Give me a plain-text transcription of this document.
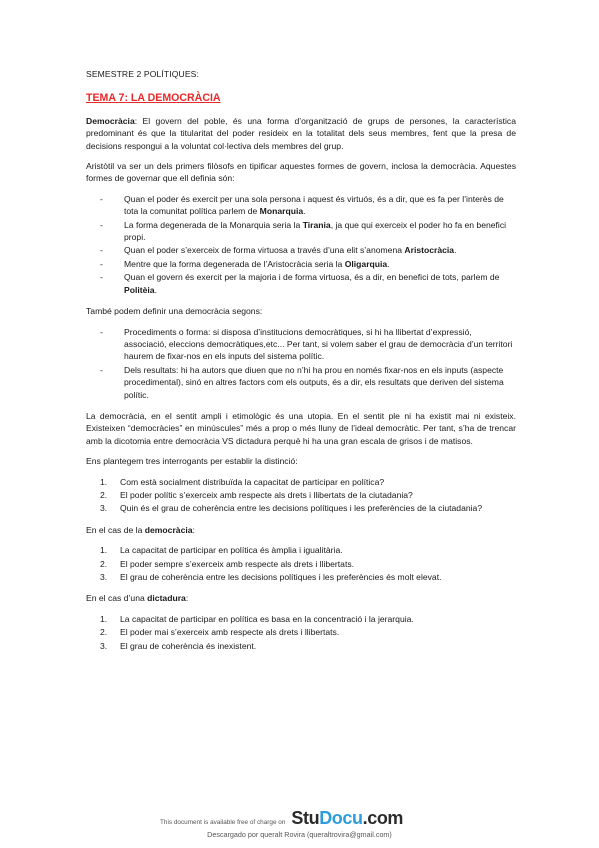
SEMESTRE 2 POLÍTIQUES:
TEMA 7: LA DEMOCRÀCIA

Democràcia: El govern del poble, és una forma d’organització de grups de persones, la característica predominant és que la titularitat del poder resideix en la totalitat dels seus membres, fent que la presa de decisions respongui a la voluntat col·lectiva dels membres del grup.

Aristòtil va ser un dels primers filòsofs en tipificar aquestes formes de govern, inclosa la democràcia. Aquestes formes de governar que ell definia són:

- Quan el poder és exercit per una sola persona i aquest és virtuós, és a dir, que es fa per l’interès de tota la comunitat política parlem de Monarquia.
- La forma degenerada de la Monarquia seria la Tirania, ja que qui exerceix el poder ho fa en benefici propi.
- Quan el poder s’exerceix de forma virtuosa a través d’una elit s’anomena Aristocràcia.
- Mentre que la forma degenerada de l’Aristocràcia seria la Oligarquia.
- Quan el govern és exercit per la majoria i de forma virtuosa, és a dir, en benefici de tots, parlem de Politèia.

També podem definir una democràcia segons:

- Procediments o forma: si disposa d’institucions democràtiques, si hi ha llibertat d’expressió, associació, eleccions democràtiques,etc... Per tant, si volem saber el grau de democràcia d’un territori haurem de fixar-nos en els inputs del sistema polític.
- Dels resultats: hi ha autors que diuen que no n’hi ha prou en només fixar-nos en els inputs (aspecte procedimental), sinó en altres factors com els outputs, és a dir, els resultats que deriven del sistema polític.

La democràcia, en el sentit ampli i etimològic és una utopia. En el sentit ple ni ha existit mai ni existeix. Existeixen “democràcies” en minúscules” més a prop o més lluny de l’ideal democràtic. Per tant, s’ha de trencar amb la dicotomia entre democràcia VS dictadura perquè hi ha una gran escala de grisos i de matisos.

Ens plantegem tres interrogants per establir la distinció:

1. Com està socialment distribuïda la capacitat de participar en política?
2. El poder polític s’exerceix amb respecte als drets i llibertats de la ciutadania?
3. Quin és el grau de coherència entre les decisions polítiques i les preferències de la ciutadania?

En el cas de la democràcia:

1. La capacitat de participar en política és àmplia i igualitària.
2. El poder sempre s’exerceix amb respecte als drets i llibertats.
3. El grau de coherència entre les decisions polítiques i les preferències és molt elevat.

En el cas d’una dictadura:

1. La capacitat de participar en política es basa en la concentració i la jerarquia.
2. El poder mai s’exerceix amb respecte als drets i llibertats.
3. El grau de coherència és inexistent.
This document is available free of charge on StuDocu.com
Descargado por queralt Rovira (queraltrovira@gmail.com)
